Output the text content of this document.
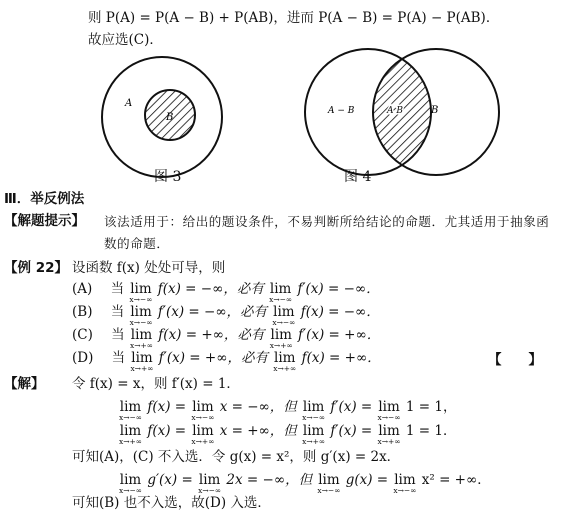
则 P(A) = P(A − B) + P(AB)，进而 P(A − B) = P(A) − P(AB)．
故应选(C)．
A
B
A − B	A B	B
图 3	图 4
Ⅲ．举反例法
【解题提示】 该法适用于：给出的题设条件，不易判断所给结论的命题．尤其适用于抽象函
数的命题．
【例 22】 设函数 f(x) 处处可导，则
(A) 当 lim
x→−∞
f(x) = −∞，必有 lim
x→−∞
f′(x) = −∞．
(B) 当 lim
x→−∞
f′(x) = −∞，必有 lim
x→−∞
f(x) = −∞．
(C) 当 lim
x→+∞
f(x) = +∞，必有 lim
x→+∞
f′(x) = +∞．
(D) 当 lim
x→+∞
f′(x) = +∞，必有 lim
x→+∞
f(x) = +∞．	【　　】
【解】 令 f(x) = x，则 f′(x) = 1．
lim
x→−∞
f(x) = lim
x→−∞
x = −∞，但 lim
x→−∞
f′(x) = lim
x→−∞
1 = 1，
lim
x→+∞
f(x) = lim
x→+∞
x = +∞，但 lim
x→+∞
f′(x) = lim
x→+∞
1 = 1．
可知(A)，(C) 不入选．令 g(x) = x²，则 g′(x) = 2x．
lim
x→−∞
g′(x) = lim
x→−∞
2x = −∞，但 lim
x→−∞
g(x) = lim
x→−∞
x² = +∞．
可知(B) 也不入选，故(D) 入选．
